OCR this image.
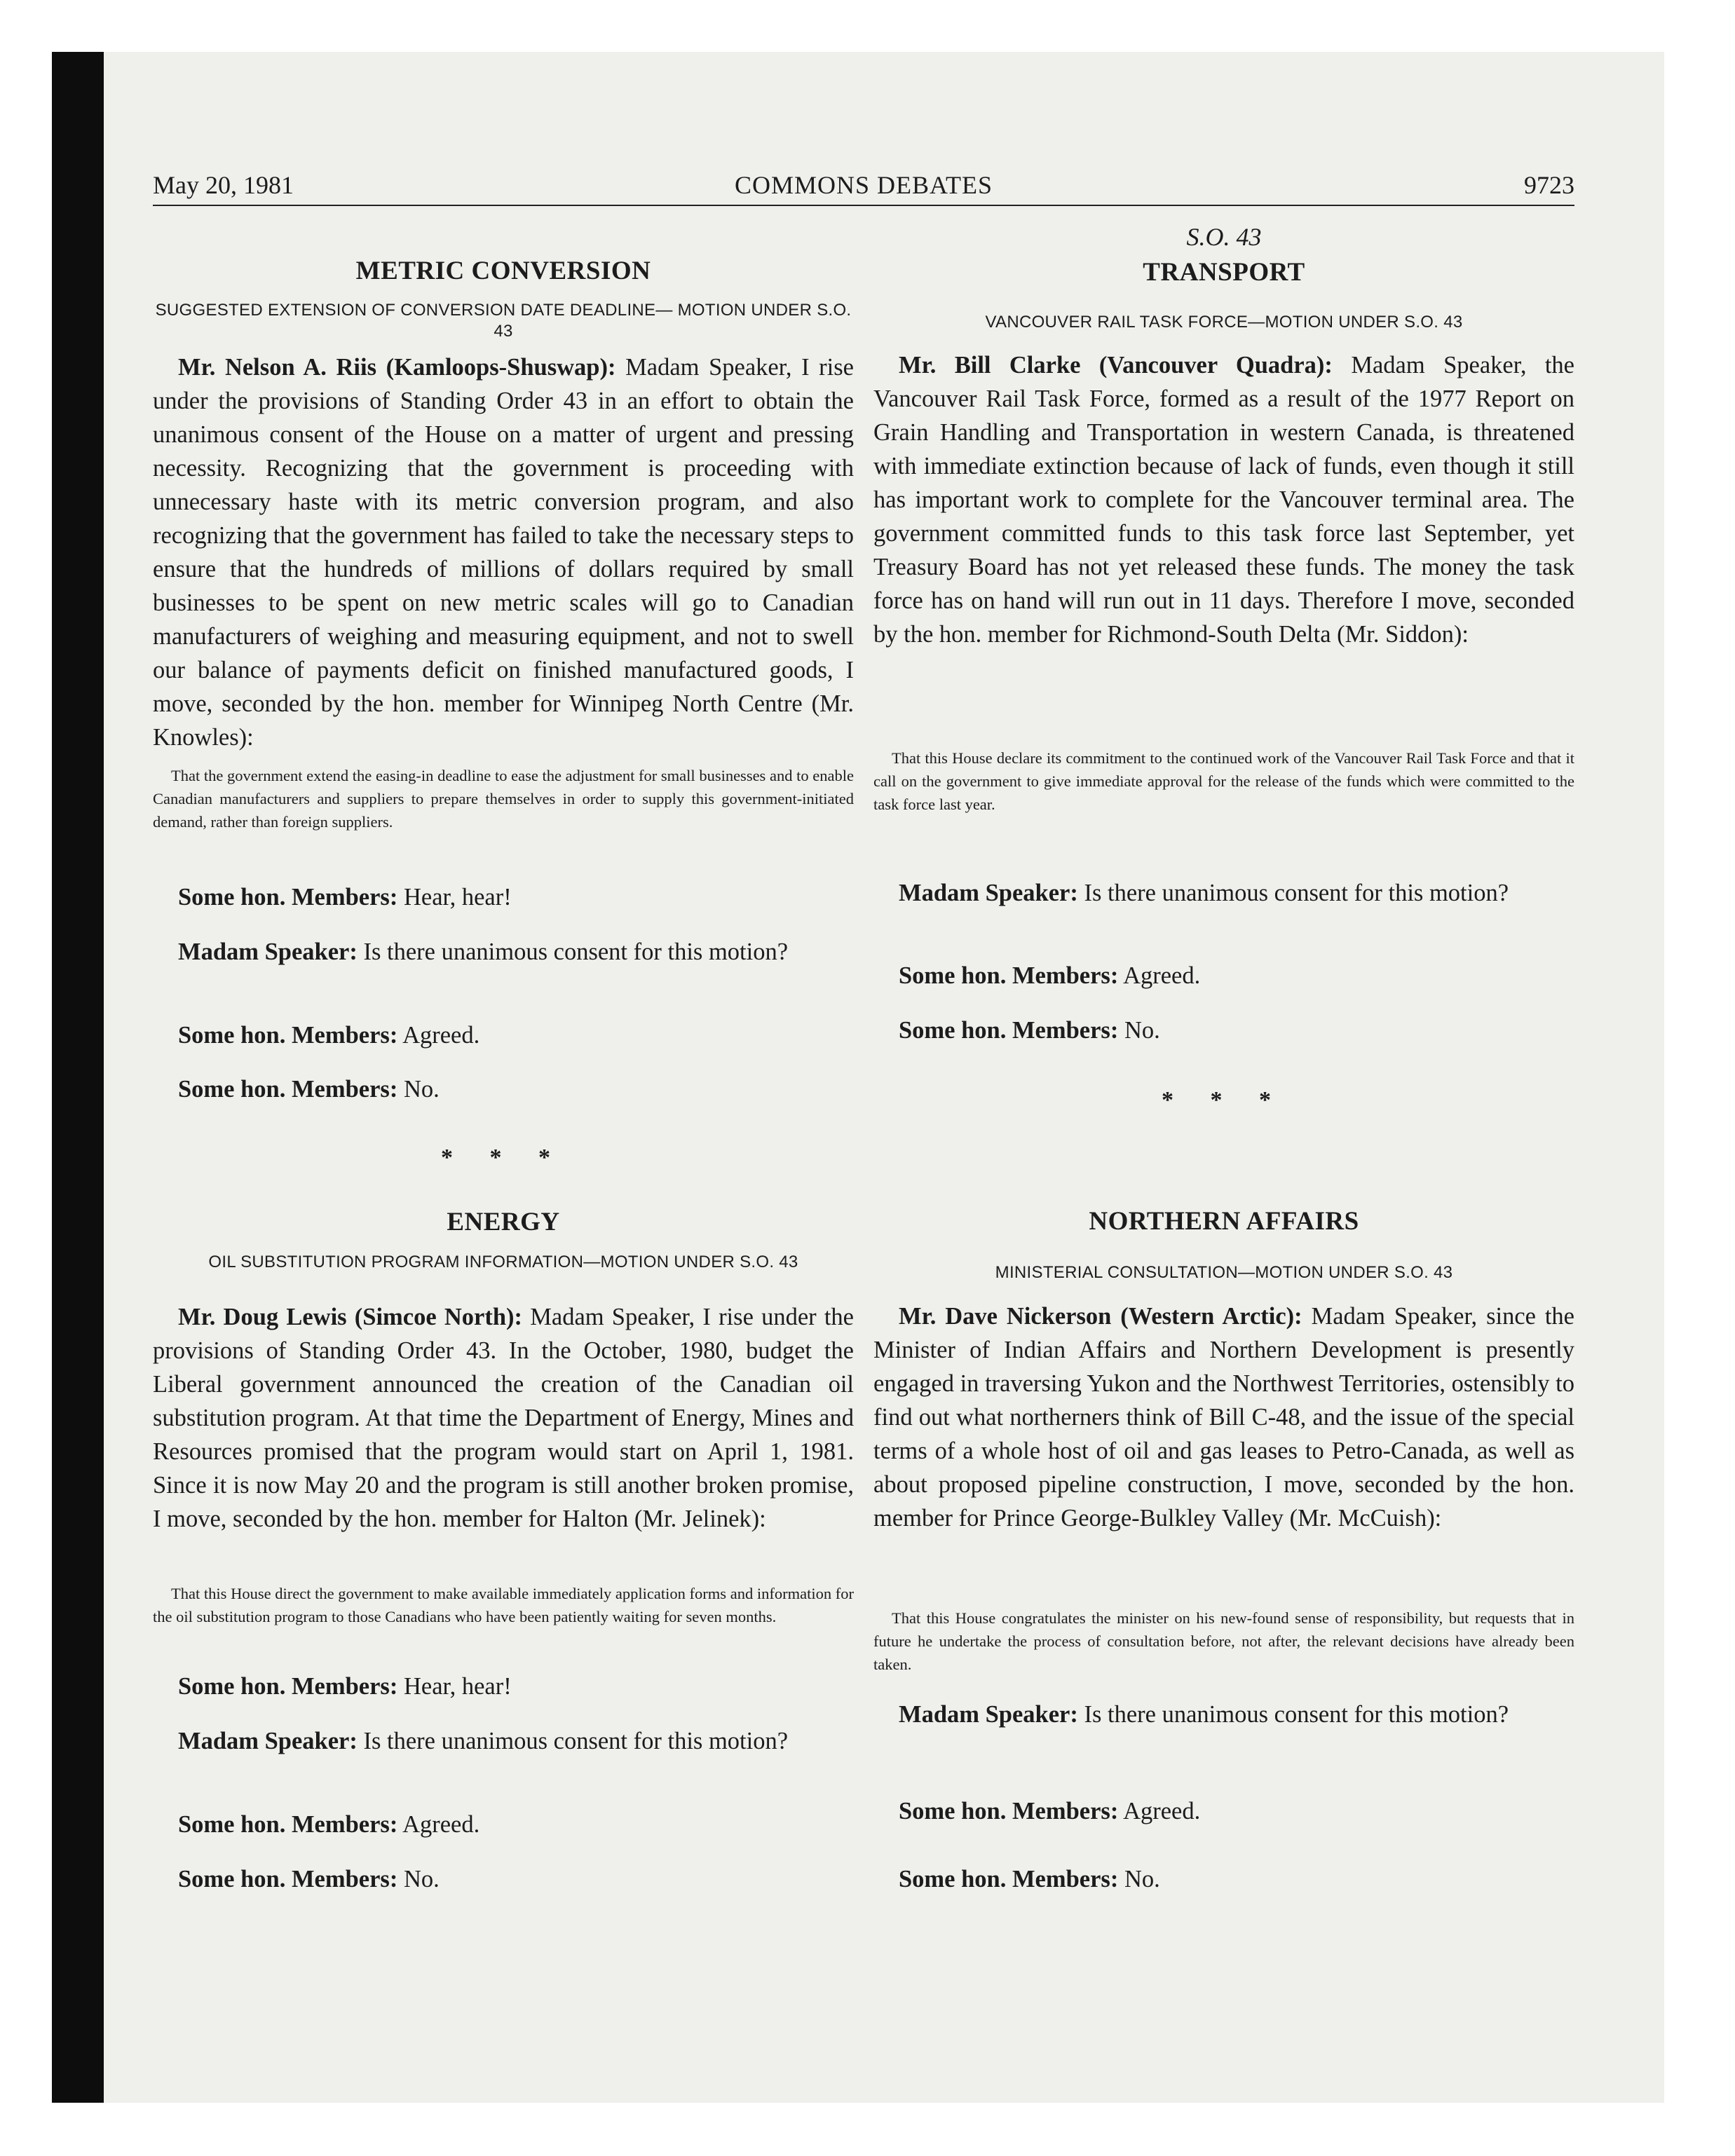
May 20, 1981	COMMONS DEBATES	9723
METRIC CONVERSION
SUGGESTED EXTENSION OF CONVERSION DATE DEADLINE— MOTION UNDER S.O. 43
Mr. Nelson A. Riis (Kamloops-Shuswap): Madam Speaker, I rise under the provisions of Standing Order 43 in an effort to obtain the unanimous consent of the House on a matter of urgent and pressing necessity. Recognizing that the government is proceeding with unnecessary haste with its metric conversion program, and also recognizing that the government has failed to take the necessary steps to ensure that the hundreds of millions of dollars required by small businesses to be spent on new metric scales will go to Canadian manufacturers of weighing and measuring equipment, and not to swell our balance of payments deficit on finished manufactured goods, I move, seconded by the hon. member for Winnipeg North Centre (Mr. Knowles):
That the government extend the easing-in deadline to ease the adjustment for small businesses and to enable Canadian manufacturers and suppliers to prepare themselves in order to supply this government-initiated demand, rather than foreign suppliers.
Some hon. Members: Hear, hear!
Madam Speaker: Is there unanimous consent for this motion?
Some hon. Members: Agreed.
Some hon. Members: No.
* * *
ENERGY
OIL SUBSTITUTION PROGRAM INFORMATION—MOTION UNDER S.O. 43
Mr. Doug Lewis (Simcoe North): Madam Speaker, I rise under the provisions of Standing Order 43. In the October, 1980, budget the Liberal government announced the creation of the Canadian oil substitution program. At that time the Department of Energy, Mines and Resources promised that the program would start on April 1, 1981. Since it is now May 20 and the program is still another broken promise, I move, seconded by the hon. member for Halton (Mr. Jelinek):
That this House direct the government to make available immediately application forms and information for the oil substitution program to those Canadians who have been patiently waiting for seven months.
Some hon. Members: Hear, hear!
Madam Speaker: Is there unanimous consent for this motion?
Some hon. Members: Agreed.
Some hon. Members: No.
S.O. 43
TRANSPORT
VANCOUVER RAIL TASK FORCE—MOTION UNDER S.O. 43
Mr. Bill Clarke (Vancouver Quadra): Madam Speaker, the Vancouver Rail Task Force, formed as a result of the 1977 Report on Grain Handling and Transportation in western Canada, is threatened with immediate extinction because of lack of funds, even though it still has important work to complete for the Vancouver terminal area. The government committed funds to this task force last September, yet Treasury Board has not yet released these funds. The money the task force has on hand will run out in 11 days. Therefore I move, seconded by the hon. member for Richmond-South Delta (Mr. Siddon):
That this House declare its commitment to the continued work of the Vancouver Rail Task Force and that it call on the government to give immediate approval for the release of the funds which were committed to the task force last year.
Madam Speaker: Is there unanimous consent for this motion?
Some hon. Members: Agreed.
Some hon. Members: No.
* * *
NORTHERN AFFAIRS
MINISTERIAL CONSULTATION—MOTION UNDER S.O. 43
Mr. Dave Nickerson (Western Arctic): Madam Speaker, since the Minister of Indian Affairs and Northern Development is presently engaged in traversing Yukon and the Northwest Territories, ostensibly to find out what northerners think of Bill C-48, and the issue of the special terms of a whole host of oil and gas leases to Petro-Canada, as well as about proposed pipeline construction, I move, seconded by the hon. member for Prince George-Bulkley Valley (Mr. McCuish):
That this House congratulates the minister on his new-found sense of responsibility, but requests that in future he undertake the process of consultation before, not after, the relevant decisions have already been taken.
Madam Speaker: Is there unanimous consent for this motion?
Some hon. Members: Agreed.
Some hon. Members: No.
